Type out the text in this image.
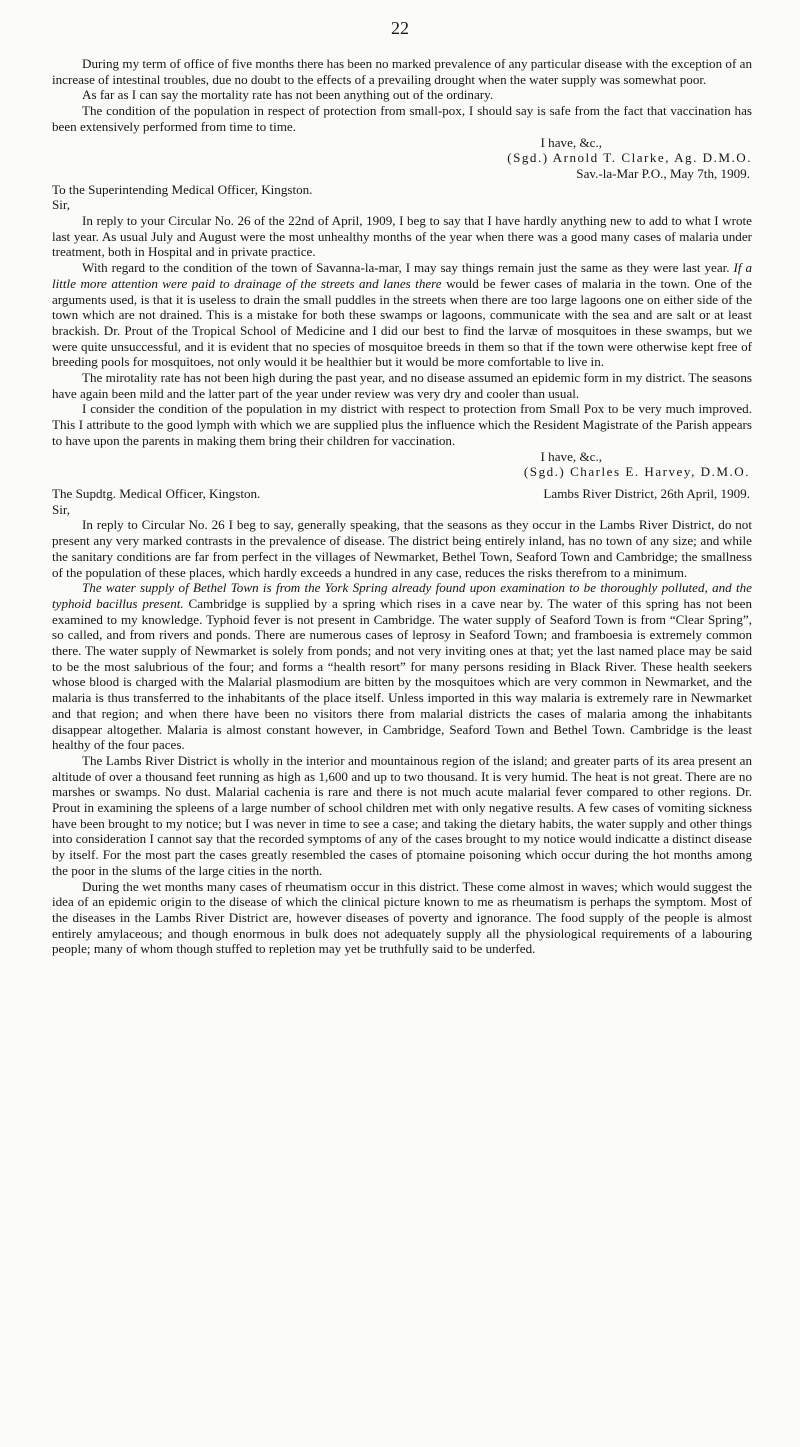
22

During my term of office of five months there has been no marked prevalence of any particular disease with the exception of an increase of intestinal troubles, due no doubt to the effects of a prevailing drought when the water supply was somewhat poor.

As far as I can say the mortality rate has not been anything out of the ordinary.

The condition of the population in respect of protection from small-pox, I should say is safe from the fact that vaccination has been extensively performed from time to time.

I have, &c.,

(Sgd.) Arnold T. Clarke, Ag. D.M.O.

Sav.-la-Mar P.O., May 7th, 1909.

To the Superintending Medical Officer, Kingston.

Sir,

In reply to your Circular No. 26 of the 22nd of April, 1909, I beg to say that I have hardly anything new to add to what I wrote last year. As usual July and August were the most unhealthy months of the year when there was a good many cases of malaria under treatment, both in Hospital and in private practice.

With regard to the condition of the town of Savanna-la-mar, I may say things remain just the same as they were last year. If a little more attention were paid to drainage of the streets and lanes there would be fewer cases of malaria in the town. One of the arguments used, is that it is useless to drain the small puddles in the streets when there are too large lagoons one on either side of the town which are not drained. This is a mistake for both these swamps or lagoons, communicate with the sea and are salt or at least brackish. Dr. Prout of the Tropical School of Medicine and I did our best to find the larvæ of mosquitoes in these swamps, but we were quite unsuccessful, and it is evident that no species of mosquitoe breeds in them so that if the town were otherwise kept free of breeding pools for mosquitoes, not only would it be healthier but it would be more comfortable to live in.

The mirotality rate has not been high during the past year, and no disease assumed an epidemic form in my district. The seasons have again been mild and the latter part of the year under review was very dry and cooler than usual.

I consider the condition of the population in my district with respect to protection from Small Pox to be very much improved. This I attribute to the good lymph with which we are supplied plus the influence which the Resident Magistrate of the Parish appears to have upon the parents in making them bring their children for vaccination.

I have, &c.,

(Sgd.) Charles E. Harvey, D.M.O.

The Supdtg. Medical Officer, Kingston.	Lambs River District, 26th April, 1909.

Sir,

In reply to Circular No. 26 I beg to say, generally speaking, that the seasons as they occur in the Lambs River District, do not present any very marked contrasts in the prevalence of disease. The district being entirely inland, has no town of any size; and while the sanitary conditions are far from perfect in the villages of Newmarket, Bethel Town, Seaford Town and Cambridge; the smallness of the population of these places, which hardly exceeds a hundred in any case, reduces the risks therefrom to a minimum.

The water supply of Bethel Town is from the York Spring already found upon examination to be thoroughly polluted, and the typhoid bacillus present. Cambridge is supplied by a spring which rises in a cave near by. The water of this spring has not been examined to my knowledge. Typhoid fever is not present in Cambridge. The water supply of Seaford Town is from “Clear Spring”, so called, and from rivers and ponds. There are numerous cases of leprosy in Seaford Town; and framboesia is extremely common there. The water supply of Newmarket is solely from ponds; and not very inviting ones at that; yet the last named place may be said to be the most salubrious of the four; and forms a “health resort” for many persons residing in Black River. These health seekers whose blood is charged with the Malarial plasmodium are bitten by the mosquitoes which are very common in Newmarket, and the malaria is thus transferred to the inhabitants of the place itself. Unless imported in this way malaria is extremely rare in Newmarket and that region; and when there have been no visitors there from malarial districts the cases of malaria among the inhabitants disappear altogether. Malaria is almost constant however, in Cambridge, Seaford Town and Bethel Town. Cambridge is the least healthy of the four paces.

The Lambs River District is wholly in the interior and mountainous region of the island; and greater parts of its area present an altitude of over a thousand feet running as high as 1,600 and up to two thousand. It is very humid. The heat is not great. There are no marshes or swamps. No dust. Malarial cachenia is rare and there is not much acute malarial fever compared to other regions. Dr. Prout in examining the spleens of a large number of school children met with only negative results. A few cases of vomiting sickness have been brought to my notice; but I was never in time to see a case; and taking the dietary habits, the water supply and other things into consideration I cannot say that the recorded symptoms of any of the cases brought to my notice would indicatte a distinct disease by itself. For the most part the cases greatly resembled the cases of ptomaine poisoning which occur during the hot months among the poor in the slums of the large cities in the north.

During the wet months many cases of rheumatism occur in this district. These come almost in waves; which would suggest the idea of an epidemic origin to the disease of which the clinical picture known to me as rheumatism is perhaps the symptom. Most of the diseases in the Lambs River District are, however diseases of poverty and ignorance. The food supply of the people is almost entirely amylaceous; and though enormous in bulk does not adequately supply all the physiological requirements of a labouring people; many of whom though stuffed to repletion may yet be truthfully said to be underfed.
